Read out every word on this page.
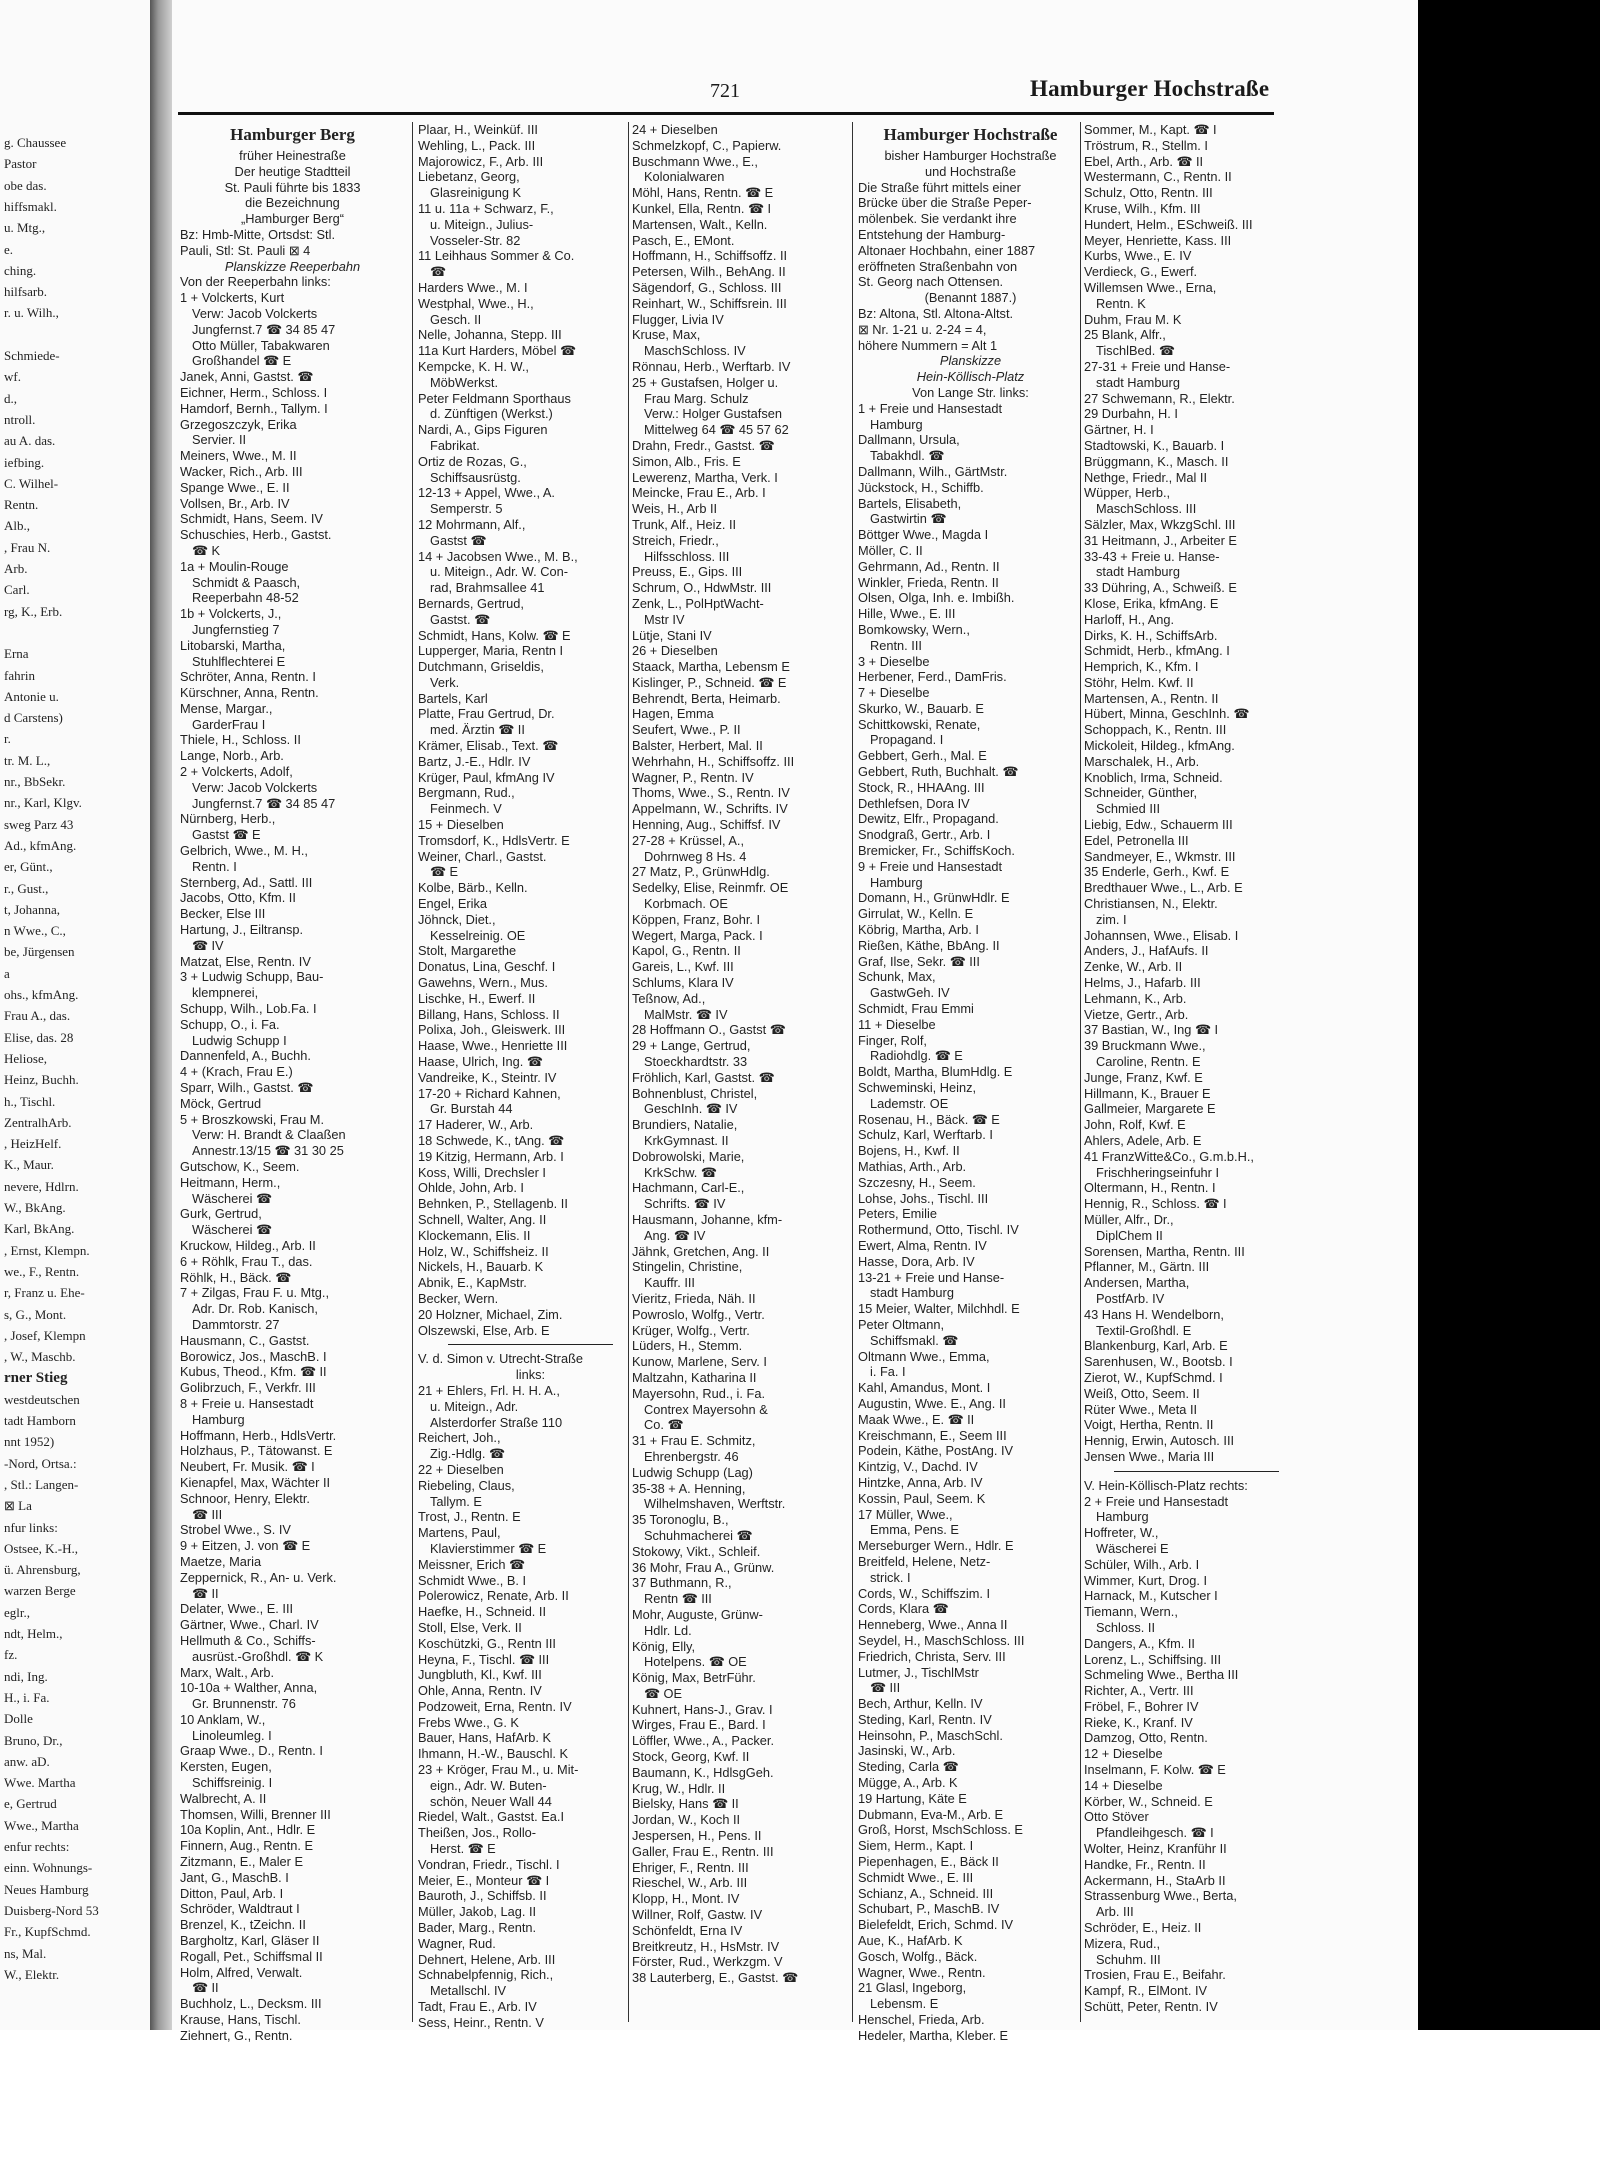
g. Chaussee
Pastor
obe das.
hiffsmakl.
u. Mtg.,
e.
ching.
hilfsarb.
r. u. Wilh.,
Schmiede-
wf.
d.,
ntroll.
au A. das.
iefbing.
C. Wilhel-
Rentn.
Alb.,
, Frau N.
Arb.
Carl.
rg, K., Erb.
Erna
fahrin
Antonie u.
d Carstens)
r.
tr. M. L.,
nr., BbSekr.
nr., Karl, Klgv.
sweg Parz 43
Ad., kfmAng.
er, Günt.,
r., Gust.,
t, Johanna,
n Wwe., C.,
be, Jürgensen
a
ohs., kfmAng.
Frau A., das.
Elise, das. 28
Heliose,
Heinz, Buchh.
h., Tischl.
ZentralhArb.
, HeizHelf.
K., Maur.
nevere, Hdlrn.
W., BkAng.
Karl, BkAng.
, Ernst, Klempn.
we., F., Rentn.
r, Franz u. Ehe-
s, G., Mont.
, Josef, Klempn
, W., Maschb.
rner Stieg
westdeutschen
tadt Hamborn
nnt 1952)
-Nord, Ortsa.:
, Stl.: Langen-
⊠ La
nfur links:
Ostsee, K.-H.,
ü. Ahrensburg,
warzen Berge
eglr.,
ndt, Helm.,
fz.
ndi, Ing.
H., i. Fa.
Dolle
Bruno, Dr.,
anw. aD.
Wwe. Martha
e, Gertrud
Wwe., Martha
enfur rechts:
einn. Wohnungs-
Neues Hamburg
Duisberg-Nord 53
Fr., KupfSchmd.
ns, Mal.
W., Elektr.
721	Hamburger Hochstraße
Hamburger Berg
früher Heinestraße
Der heutige Stadtteil
St. Pauli führte bis 1833
die Bezeichnung
„Hamburger Berg“
Bz: Hmb-Mitte, Ortsdst: Stl.
Pauli, Stl: St. Pauli ⊠ 4
Planskizze Reeperbahn
Von der Reeperbahn links:
1 + Volckerts, Kurt
Verw: Jacob Volckerts
Jungfernst.7 ☎ 34 85 47
Otto Müller, Tabakwaren
Großhandel ☎ E
Janek, Anni, Gastst. ☎
Eichner, Herm., Schloss. I
Hamdorf, Bernh., Tallym. I
Grzegoszczyk, Erika
Servier. II
Meiners, Wwe., M. II
Wacker, Rich., Arb. III
Spange Wwe., E. II
Vollsen, Br., Arb. IV
Schmidt, Hans, Seem. IV
Schuschies, Herb., Gastst.
☎ K
1a + Moulin-Rouge
Schmidt & Paasch,
Reeperbahn 48-52
1b + Volckerts, J.,
Jungfernstieg 7
Litobarski, Martha,
Stuhlflechterei E
Schröter, Anna, Rentn. I
Kürschner, Anna, Rentn.
Mense, Margar.,
GarderFrau I
Thiele, H., Schloss. II
Lange, Norb., Arb.
2 + Volckerts, Adolf,
Verw: Jacob Volckerts
Jungfernst.7 ☎ 34 85 47
Nürnberg, Herb.,
Gastst ☎ E
Gelbrich, Wwe., M. H.,
Rentn. I
Sternberg, Ad., Sattl. III
Jacobs, Otto, Kfm. II
Becker, Else III
Hartung, J., Eiltransp.
☎ IV
Matzat, Else, Rentn. IV
3 + Ludwig Schupp, Bau-
klempnerei,
Schupp, Wilh., Lob.Fa. I
Schupp, O., i. Fa.
Ludwig Schupp I
Dannenfeld, A., Buchh.
4 + (Krach, Frau E.)
Sparr, Wilh., Gastst. ☎
Möck, Gertrud
5 + Broszkowski, Frau M.
Verw: H. Brandt & Claaßen
Annestr.13/15 ☎ 31 30 25
Gutschow, K., Seem.
Heitmann, Herm.,
Wäscherei ☎
Gurk, Gertrud,
Wäscherei ☎
Kruckow, Hildeg., Arb. II
6 + Röhlk, Frau T., das.
Röhlk, H., Bäck. ☎
7 + Zilgas, Frau F. u. Mtg.,
Adr. Dr. Rob. Kanisch,
Dammtorstr. 27
Hausmann, C., Gastst.
Borowicz, Jos., MaschB. I
Kubus, Theod., Kfm. ☎ II
Golibrzuch, F., Verkfr. III
8 + Freie u. Hansestadt
Hamburg
Hoffmann, Herb., HdlsVertr.
Holzhaus, P., Tätowanst. E
Neubert, Fr. Musik. ☎ I
Kienapfel, Max, Wächter II
Schnoor, Henry, Elektr.
☎ III
Strobel Wwe., S. IV
9 + Eitzen, J. von ☎ E
Maetze, Maria
Zeppernick, R., An- u. Verk.
☎ II
Delater, Wwe., E. III
Gärtner, Wwe., Charl. IV
Hellmuth & Co., Schiffs-
ausrüst.-Großhdl. ☎ K
Marx, Walt., Arb.
10-10a + Walther, Anna,
Gr. Brunnenstr. 76
10 Anklam, W.,
Linoleumleg. I
Graap Wwe., D., Rentn. I
Kersten, Eugen,
Schiffsreinig. I
Walbrecht, A. II
Thomsen, Willi, Brenner III
10a Koplin, Ant., Hdlr. E
Finnern, Aug., Rentn. E
Zitzmann, E., Maler E
Jant, G., MaschB. I
Ditton, Paul, Arb. I
Schröder, Waldtraut I
Brenzel, K., tZeichn. II
Bargholtz, Karl, Gläser II
Rogall, Pet., Schiffsmal II
Holm, Alfred, Verwalt.
☎ II
Buchholz, L., Decksm. III
Krause, Hans, Tischl.
Ziehnert, G., Rentn.
Plaar, H., Weinküf. III
Wehling, L., Pack. III
Majorowicz, F., Arb. III
Liebetanz, Georg,
Glasreinigung K
11 u. 11a + Schwarz, F.,
u. Miteign., Julius-
Vosseler-Str. 82
11 Leihhaus Sommer & Co.
☎
Harders Wwe., M. I
Westphal, Wwe., H.,
Gesch. II
Nelle, Johanna, Stepp. III
11a Kurt Harders, Möbel ☎
Kempcke, K. H. W.,
MöbWerkst.
Peter Feldmann Sporthaus
d. Zünftigen (Werkst.)
Nardi, A., Gips Figuren
Fabrikat.
Ortiz de Rozas, G.,
Schiffsausrüstg.
12-13 + Appel, Wwe., A.
Semperstr. 5
12 Mohrmann, Alf.,
Gastst ☎
14 + Jacobsen Wwe., M. B.,
u. Miteign., Adr. W. Con-
rad, Brahmsallee 41
Bernards, Gertrud,
Gastst. ☎
Schmidt, Hans, Kolw. ☎ E
Lupperger, Maria, Rentn I
Dutchmann, Griseldis,
Verk.
Bartels, Karl
Platte, Frau Gertrud, Dr.
med. Ärztin ☎ II
Krämer, Elisab., Text. ☎
Bartz, J.-E., Hdlr. IV
Krüger, Paul, kfmAng IV
Bergmann, Rud.,
Feinmech. V
15 + Dieselben
Tromsdorf, K., HdlsVertr. E
Weiner, Charl., Gastst.
☎ E
Kolbe, Bärb., Kelln.
Engel, Erika
Jöhnck, Diet.,
Kesselreinig. OE
Stolt, Margarethe
Donatus, Lina, Geschf. I
Gawehns, Wern., Mus.
Lischke, H., Ewerf. II
Billang, Hans, Schloss. II
Polixa, Joh., Gleiswerk. III
Haase, Wwe., Henriette III
Haase, Ulrich, Ing. ☎
Vandreike, K., Steintr. IV
17-20 + Richard Kahnen,
Gr. Burstah 44
17 Haderer, W., Arb.
18 Schwede, K., tAng. ☎
19 Kitzig, Hermann, Arb. I
Koss, Willi, Drechsler I
Ohlde, John, Arb. I
Behnken, P., Stellagenb. II
Schnell, Walter, Ang. II
Klockemann, Elis. II
Holz, W., Schiffsheiz. II
Nickels, H., Bauarb. K
Abnik, E., KapMstr.
Becker, Wern.
20 Holzner, Michael, Zim.
Olszewski, Else, Arb. E
V. d. Simon v. Utrecht-Straße
links:
21 + Ehlers, Frl. H. H. A.,
u. Miteign., Adr.
Alsterdorfer Straße 110
Reichert, Joh.,
Zig.-Hdlg. ☎
22 + Dieselben
Riebeling, Claus,
Tallym. E
Trost, J., Rentn. E
Martens, Paul,
Klavierstimmer ☎ E
Meissner, Erich ☎
Schmidt Wwe., B. I
Polerowicz, Renate, Arb. II
Haefke, H., Schneid. II
Stoll, Else, Verk. II
Koschützki, G., Rentn III
Heyna, F., Tischl. ☎ III
Jungbluth, Kl., Kwf. III
Ohle, Anna, Rentn. IV
Podzoweit, Erna, Rentn. IV
Frebs Wwe., G. K
Bauer, Hans, HafArb. K
Ihmann, H.-W., Bauschl. K
23 + Kröger, Frau M., u. Mit-
eign., Adr. W. Buten-
schön, Neuer Wall 44
Riedel, Walt., Gastst. Ea.I
Theißen, Jos., Rollo-
Herst. ☎ E
Vondran, Friedr., Tischl. I
Meier, E., Monteur ☎ I
Bauroth, J., Schiffsb. II
Müller, Jakob, Lag. II
Bader, Marg., Rentn.
Wagner, Rud.
Dehnert, Helene, Arb. III
Schnabelpfennig, Rich.,
Metallschl. IV
Tadt, Frau E., Arb. IV
Sess, Heinr., Rentn. V
24 + Dieselben
Schmelzkopf, C., Papierw.
Buschmann Wwe., E.,
Kolonialwaren
Möhl, Hans, Rentn. ☎ E
Kunkel, Ella, Rentn. ☎ I
Martensen, Walt., Kelln.
Pasch, E., EMont.
Hoffmann, H., Schiffsoffz. II
Petersen, Wilh., BehAng. II
Sägendorf, G., Schloss. III
Reinhart, W., Schiffsrein. III
Flugger, Livia IV
Kruse, Max,
MaschSchloss. IV
Rönnau, Herb., Werftarb. IV
25 + Gustafsen, Holger u.
Frau Marg. Schulz
Verw.: Holger Gustafsen
Mittelweg 64 ☎ 45 57 62
Drahn, Fredr., Gastst. ☎
Simon, Alb., Fris. E
Lewerenz, Martha, Verk. I
Meincke, Frau E., Arb. I
Weis, H., Arb II
Trunk, Alf., Heiz. II
Streich, Friedr.,
Hilfsschloss. III
Preuss, E., Gips. III
Schrum, O., HdwMstr. III
Zenk, L., PolHptWacht-
Mstr IV
Lütje, Stani IV
26 + Dieselben
Staack, Martha, Lebensm E
Kislinger, P., Schneid. ☎ E
Behrendt, Berta, Heimarb.
Hagen, Emma
Seufert, Wwe., P. II
Balster, Herbert, Mal. II
Wehrhahn, H., Schiffsoffz. III
Wagner, P., Rentn. IV
Thoms, Wwe., S., Rentn. IV
Appelmann, W., Schrifts. IV
Henning, Aug., Schiffsf. IV
27-28 + Krüssel, A.,
Dohrnweg 8 Hs. 4
27 Matz, P., GrünwHdlg.
Sedelky, Elise, Reinmfr. OE
Korbmach. OE
Köppen, Franz, Bohr. I
Wegert, Marga, Pack. I
Kapol, G., Rentn. II
Gareis, L., Kwf. III
Schlums, Klara IV
Teßnow, Ad.,
MalMstr. ☎ IV
28 Hoffmann O., Gastst ☎
29 + Lange, Gertrud,
Stoeckhardtstr. 33
Fröhlich, Karl, Gastst. ☎
Bohnenblust, Christel,
GeschInh. ☎ IV
Brundiers, Natalie,
KrkGymnast. II
Dobrowolski, Marie,
KrkSchw. ☎
Hachmann, Carl-E.,
Schrifts. ☎ IV
Hausmann, Johanne, kfm-
Ang. ☎ IV
Jähnk, Gretchen, Ang. II
Stingelin, Christine,
Kauffr. III
Vieritz, Frieda, Näh. II
Powroslo, Wolfg., Vertr.
Krüger, Wolfg., Vertr.
Lüders, H., Stemm.
Kunow, Marlene, Serv. I
Maltzahn, Katharina II
Mayersohn, Rud., i. Fa.
Contrex Mayersohn &
Co. ☎
31 + Frau E. Schmitz,
Ehrenbergstr. 46
Ludwig Schupp (Lag)
35-38 + A. Henning,
Wilhelmshaven, Werftstr.
35 Toronoglu, B.,
Schuhmacherei ☎
Stokowy, Vikt., Schleif.
36 Mohr, Frau A., Grünw.
37 Buthmann, R.,
Rentn ☎ III
Mohr, Auguste, Grünw-
Hdlr. Ld.
König, Elly,
Hotelpens. ☎ OE
König, Max, BetrFühr.
☎ OE
Kuhnert, Hans-J., Grav. I
Wirges, Frau E., Bard. I
Löffler, Wwe., A., Packer.
Stock, Georg, Kwf. II
Baumann, K., HdlsgGeh.
Krug, W., Hdlr. II
Bielsky, Hans ☎ II
Jordan, W., Koch II
Jespersen, H., Pens. II
Galler, Frau E., Rentn. III
Ehriger, F., Rentn. III
Rieschel, W., Arb. III
Klopp, H., Mont. IV
Willner, Rolf, Gastw. IV
Schönfeldt, Erna IV
Breitkreutz, H., HsMstr. IV
Förster, Rud., Werkzgm. V
38 Lauterberg, E., Gastst. ☎
Hamburger Hochstraße
bisher Hamburger Hochstraße
und Hochstraße
Die Straße führt mittels einer
Brücke über die Straße Peper-
mölenbek. Sie verdankt ihre
Entstehung der Hamburg-
Altonaer Hochbahn, einer 1887
eröffneten Straßenbahn von
St. Georg nach Ottensen.
(Benannt 1887.)
Bz: Altona, Stl. Altona-Altst.
⊠ Nr. 1-21 u. 2-24 = 4,
höhere Nummern = Alt 1
Planskizze
Hein-Köllisch-Platz
Von Lange Str. links:
1 + Freie und Hansestadt
Hamburg
Dallmann, Ursula,
Tabakhdl. ☎
Dallmann, Wilh., GärtMstr.
Jückstock, H., Schiffb.
Bartels, Elisabeth,
Gastwirtin ☎
Böttger Wwe., Magda I
Möller, C. II
Gehrmann, Ad., Rentn. II
Winkler, Frieda, Rentn. II
Olsen, Olga, Inh. e. Imbißh.
Hille, Wwe., E. III
Bomkowsky, Wern.,
Rentn. III
3 + Dieselbe
Herbener, Ferd., DamFris.
7 + Dieselbe
Skurko, W., Bauarb. E
Schittkowski, Renate,
Propagand. I
Gebbert, Gerh., Mal. E
Gebbert, Ruth, Buchhalt. ☎
Stock, R., HHAAng. III
Dethlefsen, Dora IV
Dewitz, Elfr., Propagand.
Snodgraß, Gertr., Arb. I
Bremicker, Fr., SchiffsKoch.
9 + Freie und Hansestadt
Hamburg
Domann, H., GrünwHdlr. E
Girrulat, W., Kelln. E
Köbrig, Martha, Arb. I
Rießen, Käthe, BbAng. II
Graf, Ilse, Sekr. ☎ III
Schunk, Max,
GastwGeh. IV
Schmidt, Frau Emmi
11 + Dieselbe
Finger, Rolf,
Radiohdlg. ☎ E
Boldt, Martha, BlumHdlg. E
Schweminski, Heinz,
Lademstr. OE
Rosenau, H., Bäck. ☎ E
Schulz, Karl, Werftarb. I
Bojens, H., Kwf. II
Mathias, Arth., Arb.
Szczesny, H., Seem.
Lohse, Johs., Tischl. III
Peters, Emilie
Rothermund, Otto, Tischl. IV
Ewert, Alma, Rentn. IV
Hasse, Dora, Arb. IV
13-21 + Freie und Hanse-
stadt Hamburg
15 Meier, Walter, Milchhdl. E
Peter Oltmann,
Schiffsmakl. ☎
Oltmann Wwe., Emma,
i. Fa. I
Kahl, Amandus, Mont. I
Augustin, Wwe. E., Ang. II
Maak Wwe., E. ☎ II
Kreischmann, E., Seem III
Podein, Käthe, PostAng. IV
Kintzig, V., Dachd. IV
Hintzke, Anna, Arb. IV
Kossin, Paul, Seem. K
17 Müller, Wwe.,
Emma, Pens. E
Merseburger Wern., Hdlr. E
Breitfeld, Helene, Netz-
strick. I
Cords, W., Schiffszim. I
Cords, Klara ☎
Henneberg, Wwe., Anna II
Seydel, H., MaschSchloss. III
Friedrich, Christa, Serv. III
Lutmer, J., TischlMstr
☎ III
Bech, Arthur, Kelln. IV
Steding, Karl, Rentn. IV
Heinsohn, P., MaschSchl.
Jasinski, W., Arb.
Steding, Carla ☎
Mügge, A., Arb. K
19 Hartung, Käte E
Dubmann, Eva-M., Arb. E
Groß, Horst, MschSchloss. E
Siem, Herm., Kapt. I
Piepenhagen, E., Bäck II
Schmidt Wwe., E. III
Schianz, A., Schneid. III
Schubart, P., MaschB. IV
Bielefeldt, Erich, Schmd. IV
Aue, K., HafArb. K
Gosch, Wolfg., Bäck.
Wagner, Wwe., Rentn.
21 Glasl, Ingeborg,
Lebensm. E
Henschel, Frieda, Arb.
Hedeler, Martha, Kleber. E
Sommer, M., Kapt. ☎ I
Tröstrum, R., Stellm. I
Ebel, Arth., Arb. ☎ II
Westermann, C., Rentn. II
Schulz, Otto, Rentn. III
Kruse, Wilh., Kfm. III
Hundert, Helm., ESchweiß. III
Meyer, Henriette, Kass. III
Kurbs, Wwe., E. IV
Verdieck, G., Ewerf.
Willemsen Wwe., Erna,
Rentn. K
Duhm, Frau M. K
25 Blank, Alfr.,
TischlBed. ☎
27-31 + Freie und Hanse-
stadt Hamburg
27 Schwemann, R., Elektr.
29 Durbahn, H. I
Gärtner, H. I
Stadtowski, K., Bauarb. I
Brüggmann, K., Masch. II
Nethge, Friedr., Mal II
Wüpper, Herb.,
MaschSchloss. III
Sälzler, Max, WkzgSchl. III
31 Heitmann, J., Arbeiter E
33-43 + Freie u. Hanse-
stadt Hamburg
33 Dühring, A., Schweiß. E
Klose, Erika, kfmAng. E
Harloff, H., Ang.
Dirks, K. H., SchiffsArb.
Schmidt, Herb., kfmAng. I
Hemprich, K., Kfm. I
Stöhr, Helm. Kwf. II
Martensen, A., Rentn. II
Hübert, Minna, GeschInh. ☎
Schoppach, K., Rentn. III
Mickoleit, Hildeg., kfmAng.
Marschalek, H., Arb.
Knoblich, Irma, Schneid.
Schneider, Günther,
Schmied III
Liebig, Edw., Schauerm III
Edel, Petronella III
Sandmeyer, E., Wkmstr. III
35 Enderle, Gerh., Kwf. E
Bredthauer Wwe., L., Arb. E
Christiansen, N., Elektr.
zim. I
Johannsen, Wwe., Elisab. I
Anders, J., HafAufs. II
Zenke, W., Arb. II
Helms, J., Hafarb. III
Lehmann, K., Arb.
Vietze, Gertr., Arb.
37 Bastian, W., Ing ☎ I
39 Bruckmann Wwe.,
Caroline, Rentn. E
Junge, Franz, Kwf. E
Hillmann, K., Brauer E
Gallmeier, Margarete E
John, Rolf, Kwf. E
Ahlers, Adele, Arb. E
41 FranzWitte&Co., G.m.b.H.,
Frischheringseinfuhr I
Oltermann, H., Rentn. I
Hennig, R., Schloss. ☎ I
Müller, Alfr., Dr.,
DiplChem II
Sorensen, Martha, Rentn. III
Pflanner, M., Gärtn. III
Andersen, Martha,
PostfArb. IV
43 Hans H. Wendelborn,
Textil-Großhdl. E
Blankenburg, Karl, Arb. E
Sarenhusen, W., Bootsb. I
Zierot, W., KupfSchmd. I
Weiß, Otto, Seem. II
Rüter Wwe., Meta II
Voigt, Hertha, Rentn. II
Hennig, Erwin, Autosch. III
Jensen Wwe., Maria III
V. Hein-Köllisch-Platz rechts:
2 + Freie und Hansestadt
Hamburg
Hoffreter, W.,
Wäscherei E
Schüler, Wilh., Arb. I
Wimmer, Kurt, Drog. I
Harnack, M., Kutscher I
Tiemann, Wern.,
Schloss. II
Dangers, A., Kfm. II
Lorenz, L., Schiffsing. III
Schmeling Wwe., Bertha III
Richter, A., Vertr. III
Fröbel, F., Bohrer IV
Rieke, K., Kranf. IV
Damzog, Otto, Rentn.
12 + Dieselbe
Inselmann, F. Kolw. ☎ E
14 + Dieselbe
Körber, W., Schneid. E
Otto Stöver
Pfandleihgesch. ☎ I
Wolter, Heinz, Kranführ II
Handke, Fr., Rentn. II
Ackermann, H., StaArb II
Strassenburg Wwe., Berta,
Arb. III
Schröder, E., Heiz. II
Mizera, Rud.,
Schuhm. III
Trosien, Frau E., Beifahr.
Kampf, R., ElMont. IV
Schütt, Peter, Rentn. IV
